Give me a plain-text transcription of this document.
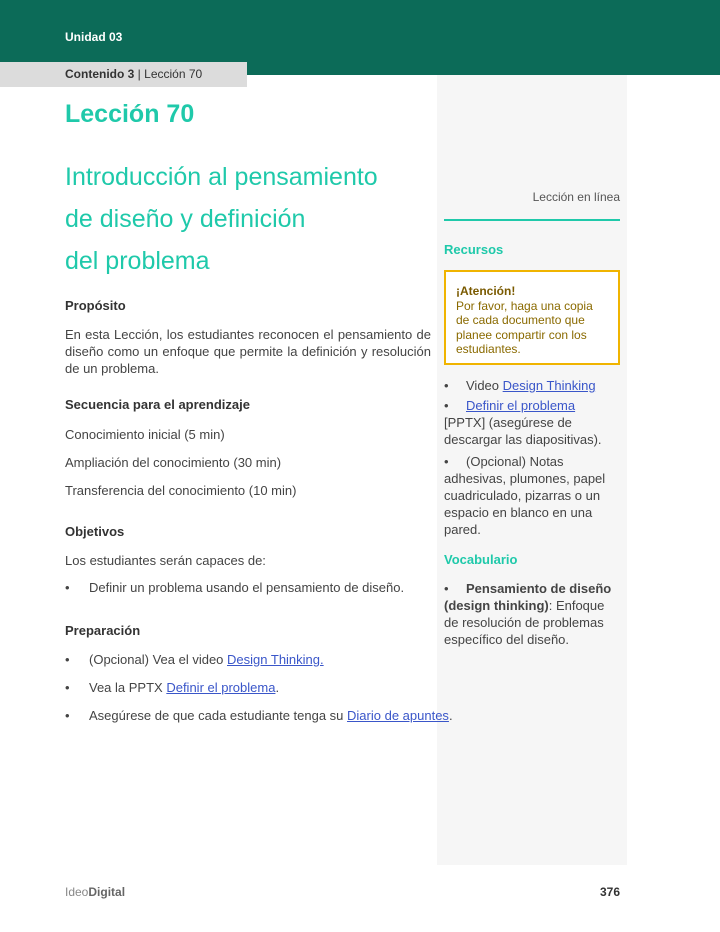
Unidad 03
Contenido 3 | Lección 70
Lección 70
Introducción al pensamiento
de diseño y definición
del problema
Propósito
En esta Lección, los estudiantes reconocen el pensamiento de diseño como un enfoque que permite la definición y resolución de un problema.
Secuencia para el aprendizaje
Conocimiento inicial (5 min)
Ampliación del conocimiento (30 min)
Transferencia del conocimiento (10 min)
Objetivos
Los estudiantes serán capaces de:
• Definir un problema usando el pensamiento de diseño.
Preparación
• (Opcional) Vea el video Design Thinking.
• Vea la PPTX Definir el problema.
• Asegúrese de que cada estudiante tenga su Diario de apuntes.
Lección en línea
Recursos
¡Atención!
Por favor, haga una copia de cada documento que planee compartir con los estudiantes.
• Video Design Thinking
• Definir el problema
[PPTX] (asegúrese de descargar las diapositivas).
• (Opcional) Notas adhesivas, plumones, papel cuadriculado, pizarras o un espacio en blanco en una pared.
Vocabulario
• Pensamiento de diseño (design thinking): Enfoque de resolución de problemas específico del diseño.
IdeoDigital	376
